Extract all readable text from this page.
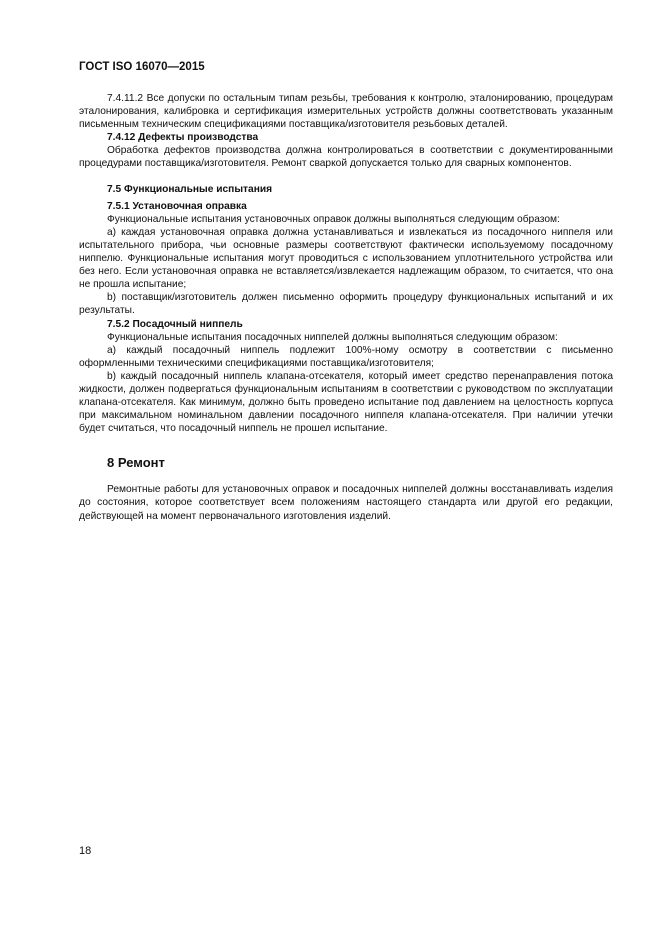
ГОСТ ISO 16070—2015

7.4.11.2 Все допуски по остальным типам резьбы, требования к контролю, эталонированию, процедурам эталонирования, калибровка и сертификация измерительных устройств должны соответствовать указанным письменным техническим спецификациями поставщика/изготовителя резьбовых деталей.

7.4.12 Дефекты производства

Обработка дефектов производства должна контролироваться в соответствии с документированными процедурами поставщика/изготовителя. Ремонт сваркой допускается только для сварных компонентов.

7.5 Функциональные испытания
7.5.1 Установочная оправка

Функциональные испытания установочных оправок должны выполняться следующим образом:

а) каждая установочная оправка должна устанавливаться и извлекаться из посадочного ниппеля или испытательного прибора, чьи основные размеры соответствуют фактически используемому посадочному ниппелю. Функциональные испытания могут проводиться с использованием уплотнительного устройства или без него. Если установочная оправка не вставляется/извлекается надлежащим образом, то считается, что она не прошла испытание;

b) поставщик/изготовитель должен письменно оформить процедуру функциональных испытаний и их результаты.

7.5.2 Посадочный ниппель

Функциональные испытания посадочных ниппелей должны выполняться следующим образом:

а) каждый посадочный ниппель подлежит 100%-ному осмотру в соответствии с письменно оформленными техническими спецификациями поставщика/изготовителя;

b) каждый посадочный ниппель клапана-отсекателя, который имеет средство перенаправления потока жидкости, должен подвергаться функциональным испытаниям в соответствии с руководством по эксплуатации клапана-отсекателя. Как минимум, должно быть проведено испытание под давлением на целостность корпуса при максимальном номинальном давлении посадочного ниппеля клапана-отсекателя. При наличии утечки будет считаться, что посадочный ниппель не прошел испытание.

8 Ремонт

Ремонтные работы для установочных оправок и посадочных ниппелей должны восстанавливать изделия до состояния, которое соответствует всем положениям настоящего стандарта или другой его редакции, действующей на момент первоначального изготовления изделий.

18
